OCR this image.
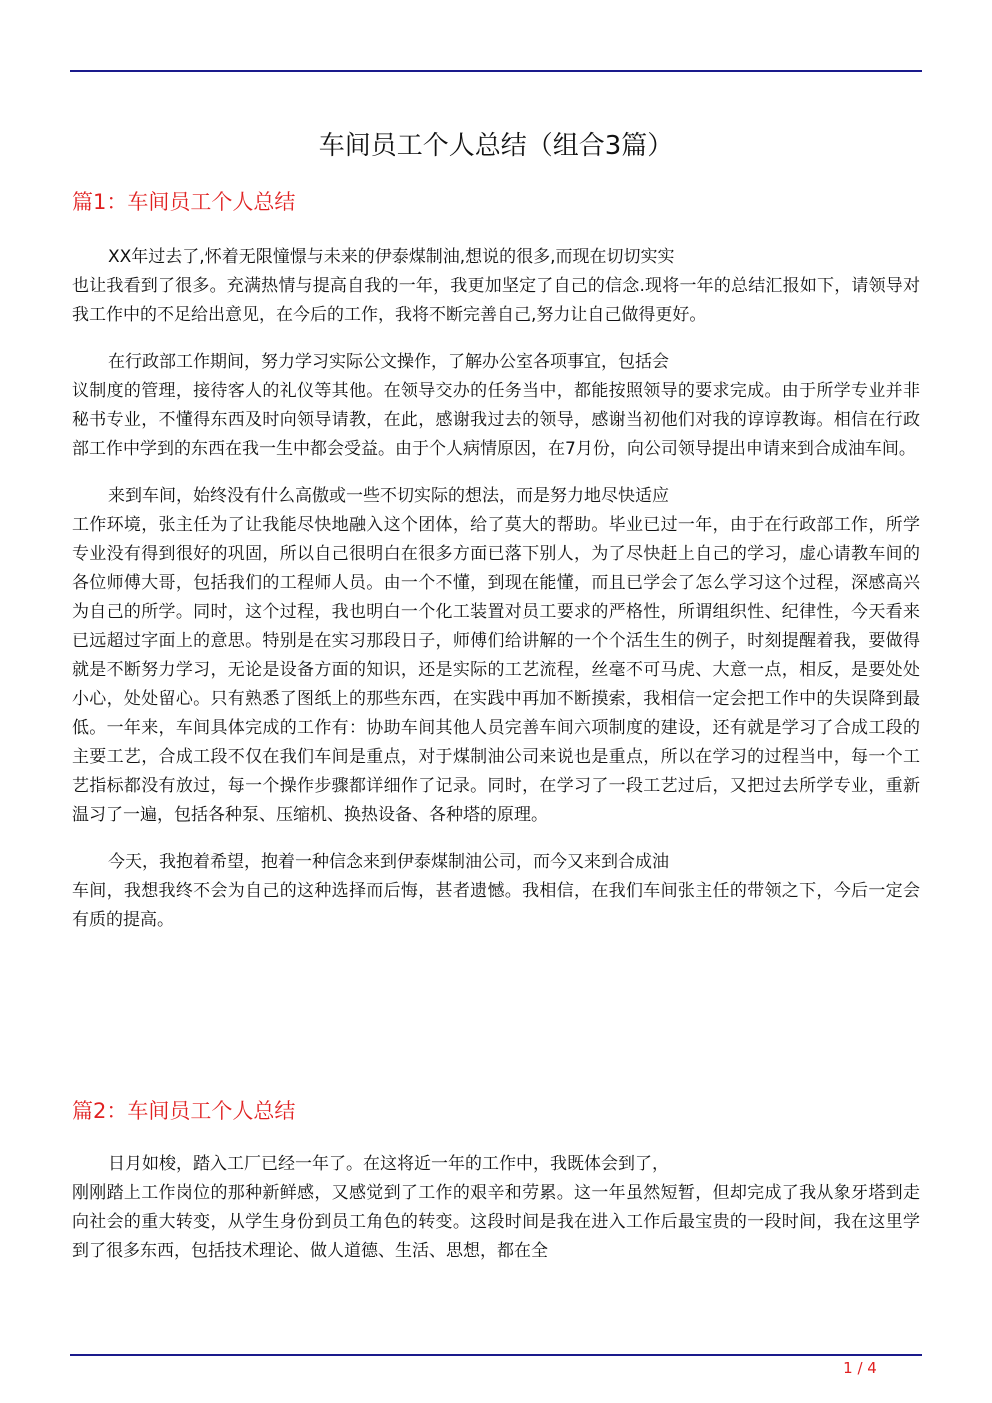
车间员工个人总结（组合3篇）
篇1：车间员工个人总结

XX年过去了,怀着无限憧憬与未来的伊泰煤制油,想说的很多,而现在切切实实
也让我看到了很多。充满热情与提高自我的一年，我更加坚定了自己的信念.现将一年的总结汇报如下，请领导对我工作中的不足给出意见，在今后的工作，我将不断完善自己,努力让自己做得更好。

在行政部工作期间，努力学习实际公文操作，了解办公室各项事宜，包括会
议制度的管理，接待客人的礼仪等其他。在领导交办的任务当中，都能按照领导的要求完成。由于所学专业并非秘书专业，不懂得东西及时向领导请教，在此，感谢我过去的领导，感谢当初他们对我的谆谆教诲。相信在行政部工作中学到的东西在我一生中都会受益。由于个人病情原因，在7月份，向公司领导提出申请来到合成油车间。

来到车间，始终没有什么高傲或一些不切实际的想法，而是努力地尽快适应
工作环境，张主任为了让我能尽快地融入这个团体，给了莫大的帮助。毕业已过一年，由于在行政部工作，所学专业没有得到很好的巩固，所以自己很明白在很多方面已落下别人，为了尽快赶上自己的学习，虚心请教车间的各位师傅大哥，包括我们的工程师人员。由一个不懂，到现在能懂，而且已学会了怎么学习这个过程，深感高兴为自己的所学。同时，这个过程，我也明白一个化工装置对员工要求的严格性，所谓组织性、纪律性，今天看来已远超过字面上的意思。特别是在实习那段日子，师傅们给讲解的一个个活生生的例子，时刻提醒着我，要做得就是不断努力学习，无论是设备方面的知识，还是实际的工艺流程，丝毫不可马虎、大意一点，相反，是要处处小心，处处留心。只有熟悉了图纸上的那些东西，在实践中再加不断摸索，我相信一定会把工作中的失误降到最低。一年来，车间具体完成的工作有：协助车间其他人员完善车间六项制度的建设，还有就是学习了合成工段的主要工艺，合成工段不仅在我们车间是重点，对于煤制油公司来说也是重点，所以在学习的过程当中，每一个工艺指标都没有放过，每一个操作步骤都详细作了记录。同时，在学习了一段工艺过后，又把过去所学专业，重新温习了一遍，包括各种泵、压缩机、换热设备、各种塔的原理。

今天，我抱着希望，抱着一种信念来到伊泰煤制油公司，而今又来到合成油
车间，我想我终不会为自己的这种选择而后悔，甚者遗憾。我相信，在我们车间张主任的带领之下，今后一定会有质的提高。

篇2：车间员工个人总结

日月如梭，踏入工厂已经一年了。在这将近一年的工作中，我既体会到了，
刚刚踏上工作岗位的那种新鲜感，又感觉到了工作的艰辛和劳累。这一年虽然短暂，但却完成了我从象牙塔到走向社会的重大转变，从学生身份到员工角色的转变。这段时间是我在进入工作后最宝贵的一段时间，我在这里学到了很多东西，包括技术理论、做人道德、生活、思想，都在全

1 / 4
